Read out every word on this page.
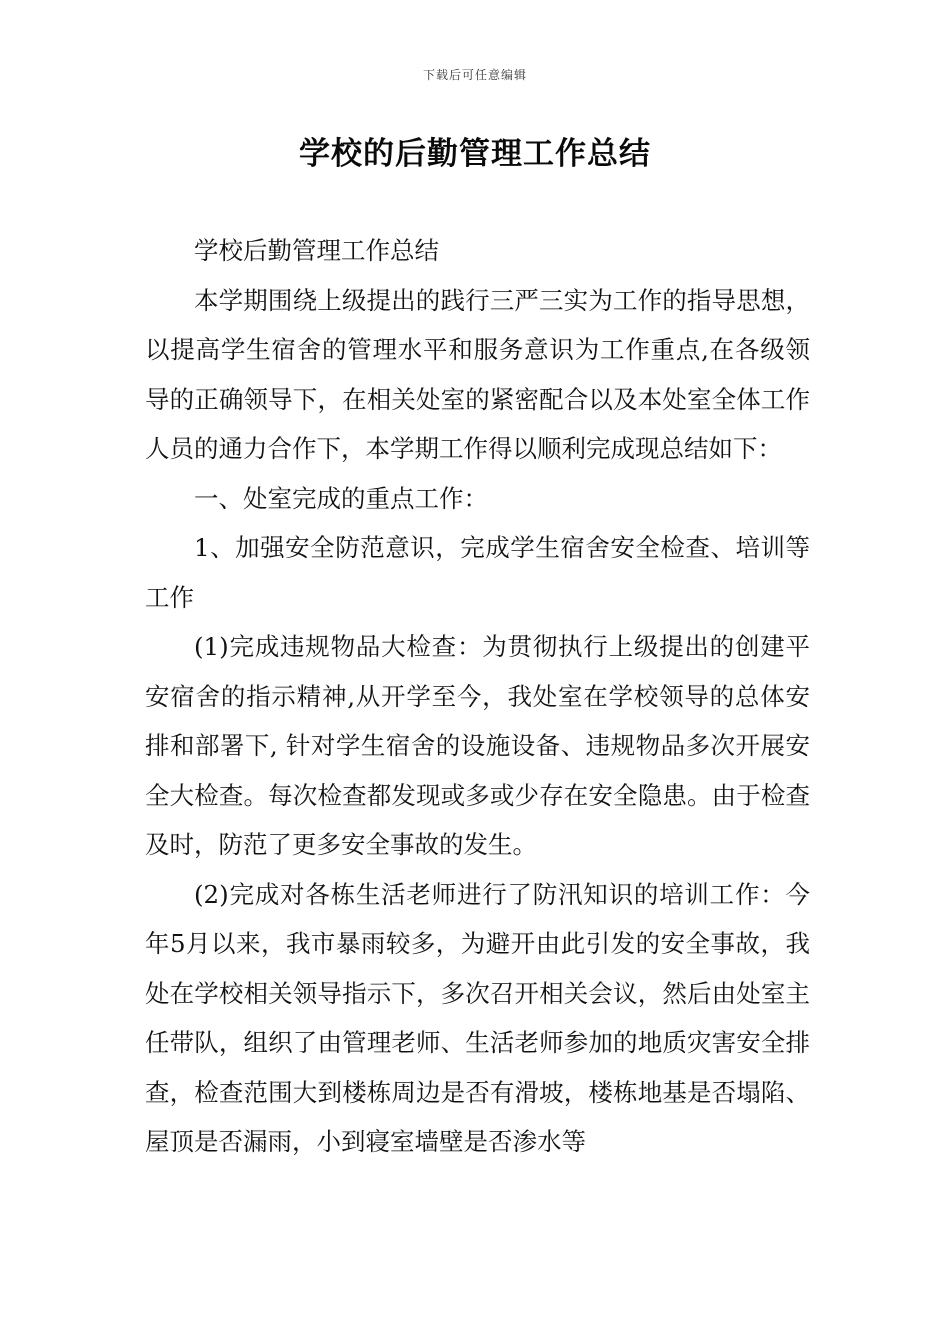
下载后可任意编辑
学校的后勤管理工作总结

学校后勤管理工作总结

本学期围绕上级提出的践行三严三实为工作的指导思想，以提高学生宿舍的管理水平和服务意识为工作重点,在各级领导的正确领导下，在相关处室的紧密配合以及本处室全体工作人员的通力合作下，本学期工作得以顺利完成现总结如下：

一、处室完成的重点工作：

1、加强安全防范意识，完成学生宿舍安全检查、培训等工作

(1)完成违规物品大检查：为贯彻执行上级提出的创建平安宿舍的指示精神,从开学至今，我处室在学校领导的总体安排和部署下, 针对学生宿舍的设施设备、违规物品多次开展安全大检查。每次检查都发现或多或少存在安全隐患。由于检查及时，防范了更多安全事故的发生。

(2)完成对各栋生活老师进行了防汛知识的培训工作：今年5月以来，我市暴雨较多，为避开由此引发的安全事故，我处在学校相关领导指示下，多次召开相关会议，然后由处室主任带队，组织了由管理老师、生活老师参加的地质灾害安全排查，检查范围大到楼栋周边是否有滑坡，楼栋地基是否塌陷、屋顶是否漏雨，小到寝室墙壁是否渗水等
